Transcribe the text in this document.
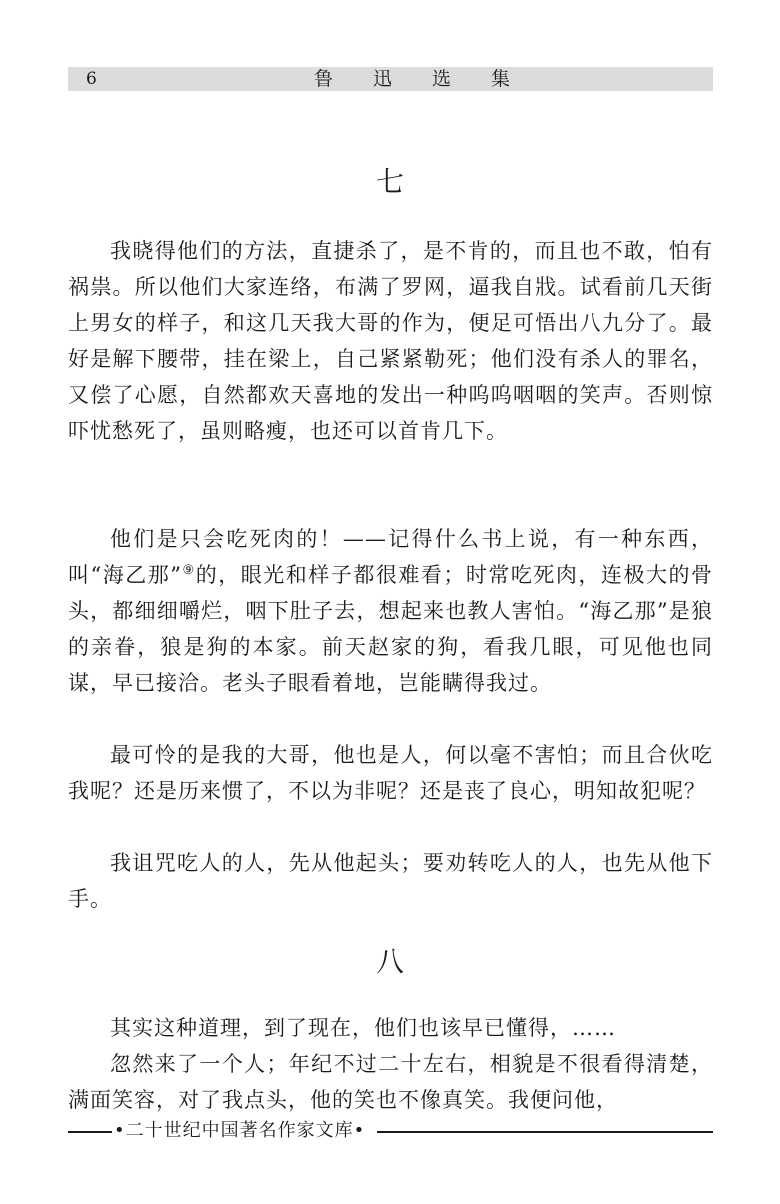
6	鲁迅选集
七

我晓得他们的方法，直捷杀了，是不肯的，而且也不敢，怕有祸祟。所以他们大家连络，布满了罗网，逼我自戕。试看前几天街上男女的样子，和这几天我大哥的作为，便足可悟出八九分了。最好是解下腰带，挂在梁上，自己紧紧勒死；他们没有杀人的罪名，又偿了心愿，自然都欢天喜地的发出一种呜呜咽咽的笑声。否则惊吓忧愁死了，虽则略瘦，也还可以首肯几下。

他们是只会吃死肉的！——记得什么书上说，有一种东西，叫“海乙那”⑨的，眼光和样子都很难看；时常吃死肉，连极大的骨头，都细细嚼烂，咽下肚子去，想起来也教人害怕。“海乙那”是狼的亲眷，狼是狗的本家。前天赵家的狗，看我几眼，可见他也同谋，早已接洽。老头子眼看着地，岂能瞒得我过。

最可怜的是我的大哥，他也是人，何以毫不害怕；而且合伙吃我呢？还是历来惯了，不以为非呢？还是丧了良心，明知故犯呢？

我诅咒吃人的人，先从他起头；要劝转吃人的人，也先从他下手。

八

其实这种道理，到了现在，他们也该早已懂得，……

忽然来了一个人；年纪不过二十左右，相貌是不很看得清楚，满面笑容，对了我点头，他的笑也不像真笑。我便问他，

•二十世纪中国著名作家文库•
